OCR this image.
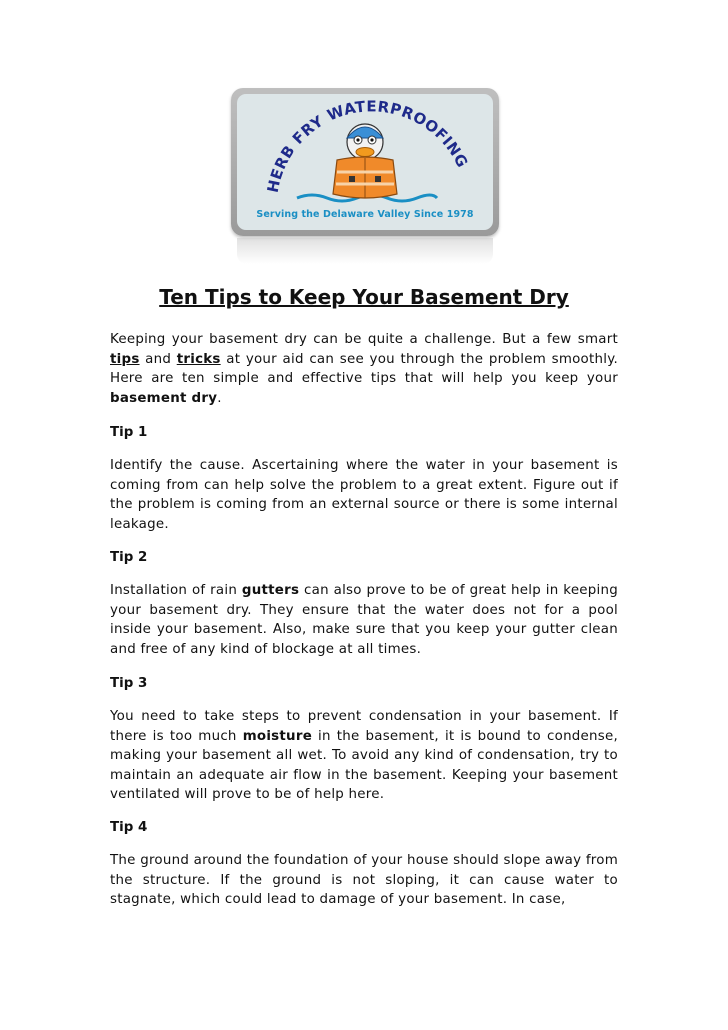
HERB FRY WATERPROOFING
Serving the Delaware Valley Since 1978
Ten Tips to Keep Your Basement Dry

Keeping your basement dry can be quite a challenge. But a few smart tips and tricks at your aid can see you through the problem smoothly. Here are ten simple and effective tips that will help you keep your basement dry.

Tip 1

Identify the cause. Ascertaining where the water in your basement is coming from can help solve the problem to a great extent. Figure out if the problem is coming from an external source or there is some internal leakage.

Tip 2

Installation of rain gutters can also prove to be of great help in keeping your basement dry. They ensure that the water does not for a pool inside your basement. Also, make sure that you keep your gutter clean and free of any kind of blockage at all times.

Tip 3

You need to take steps to prevent condensation in your basement. If there is too much moisture in the basement, it is bound to condense, making your basement all wet. To avoid any kind of condensation, try to maintain an adequate air flow in the basement. Keeping your basement ventilated will prove to be of help here.

Tip 4

The ground around the foundation of your house should slope away from the structure. If the ground is not sloping, it can cause water to stagnate, which could lead to damage of your basement. In case,
